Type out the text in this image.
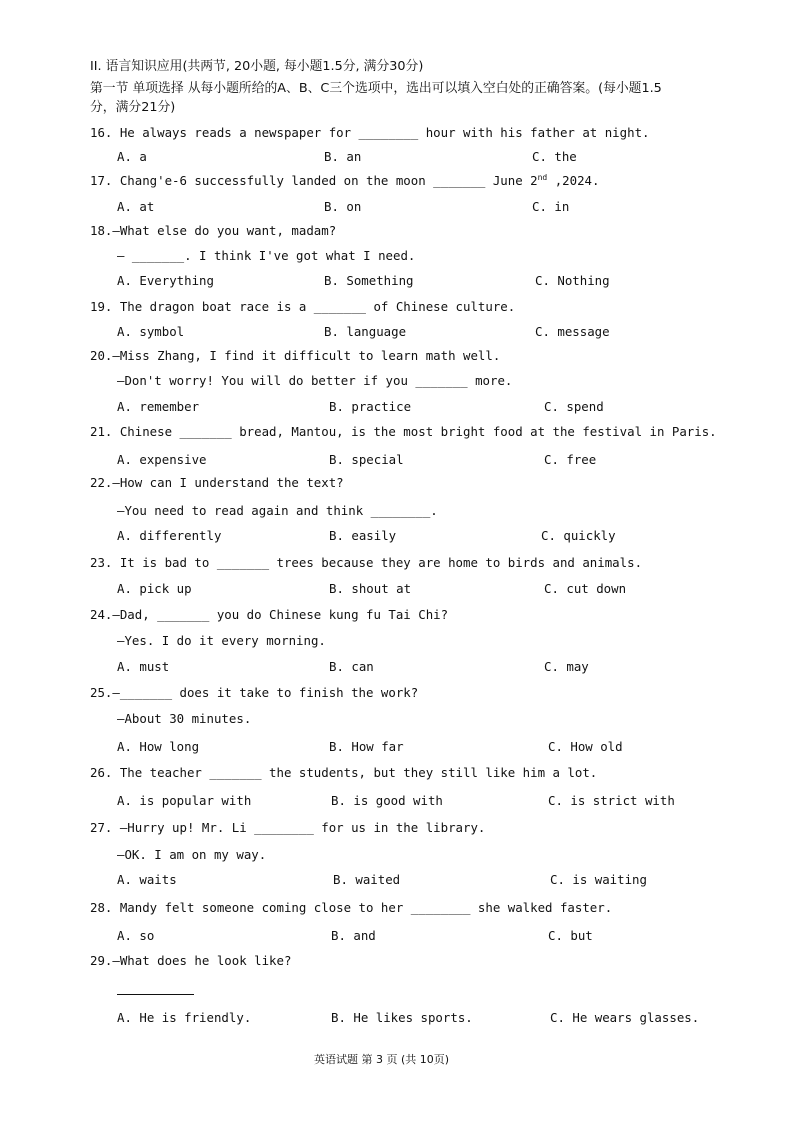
II. 语言知识应用(共两节, 20小题, 每小题1.5分, 满分30分)
第一节 单项选择 从每小题所给的A、B、C三个选项中，选出可以填入空白处的正确答案。(每小题1.5
分，满分21分)
16. He always reads a newspaper for ________ hour with his father at night.
A. a	B. an	C. the
17. Chang'e-6 successfully landed on the moon _______ June 2nd ,2024.
A. at	B. on	C. in
18.—What else do you want, madam?
— _______. I think I've got what I need.
A. Everything	B. Something	C. Nothing
19. The dragon boat race is a _______ of Chinese culture.
A. symbol	B. language	C. message
20.—Miss Zhang, I find it difficult to learn math well.
—Don't worry! You will do better if you _______ more.
A. remember	B. practice	C. spend
21. Chinese _______ bread, Mantou, is the most bright food at the festival in Paris.
A. expensive	B. special	C. free
22.—How can I understand the text?
—You need to read again and think ________.
A. differently	B. easily	C. quickly
23. It is bad to _______ trees because they are home to birds and animals.
A. pick up	B. shout at	C. cut down
24.—Dad, _______ you do Chinese kung fu Tai Chi?
—Yes. I do it every morning.
A. must	B. can	C. may
25.—_______ does it take to finish the work?
—About 30 minutes.
A. How long	B. How far	C. How old
26. The teacher _______ the students, but they still like him a lot.
A. is popular with	B. is good with	C. is strict with
27. —Hurry up! Mr. Li ________ for us in the library.
—OK. I am on my way.
A. waits	B. waited	C. is waiting
28. Mandy felt someone coming close to her ________ she walked faster.
A. so	B. and	C. but
29.—What does he look like?
A. He is friendly.	B. He likes sports.	C. He wears glasses.
英语试题 第 3 页 (共 10页)
